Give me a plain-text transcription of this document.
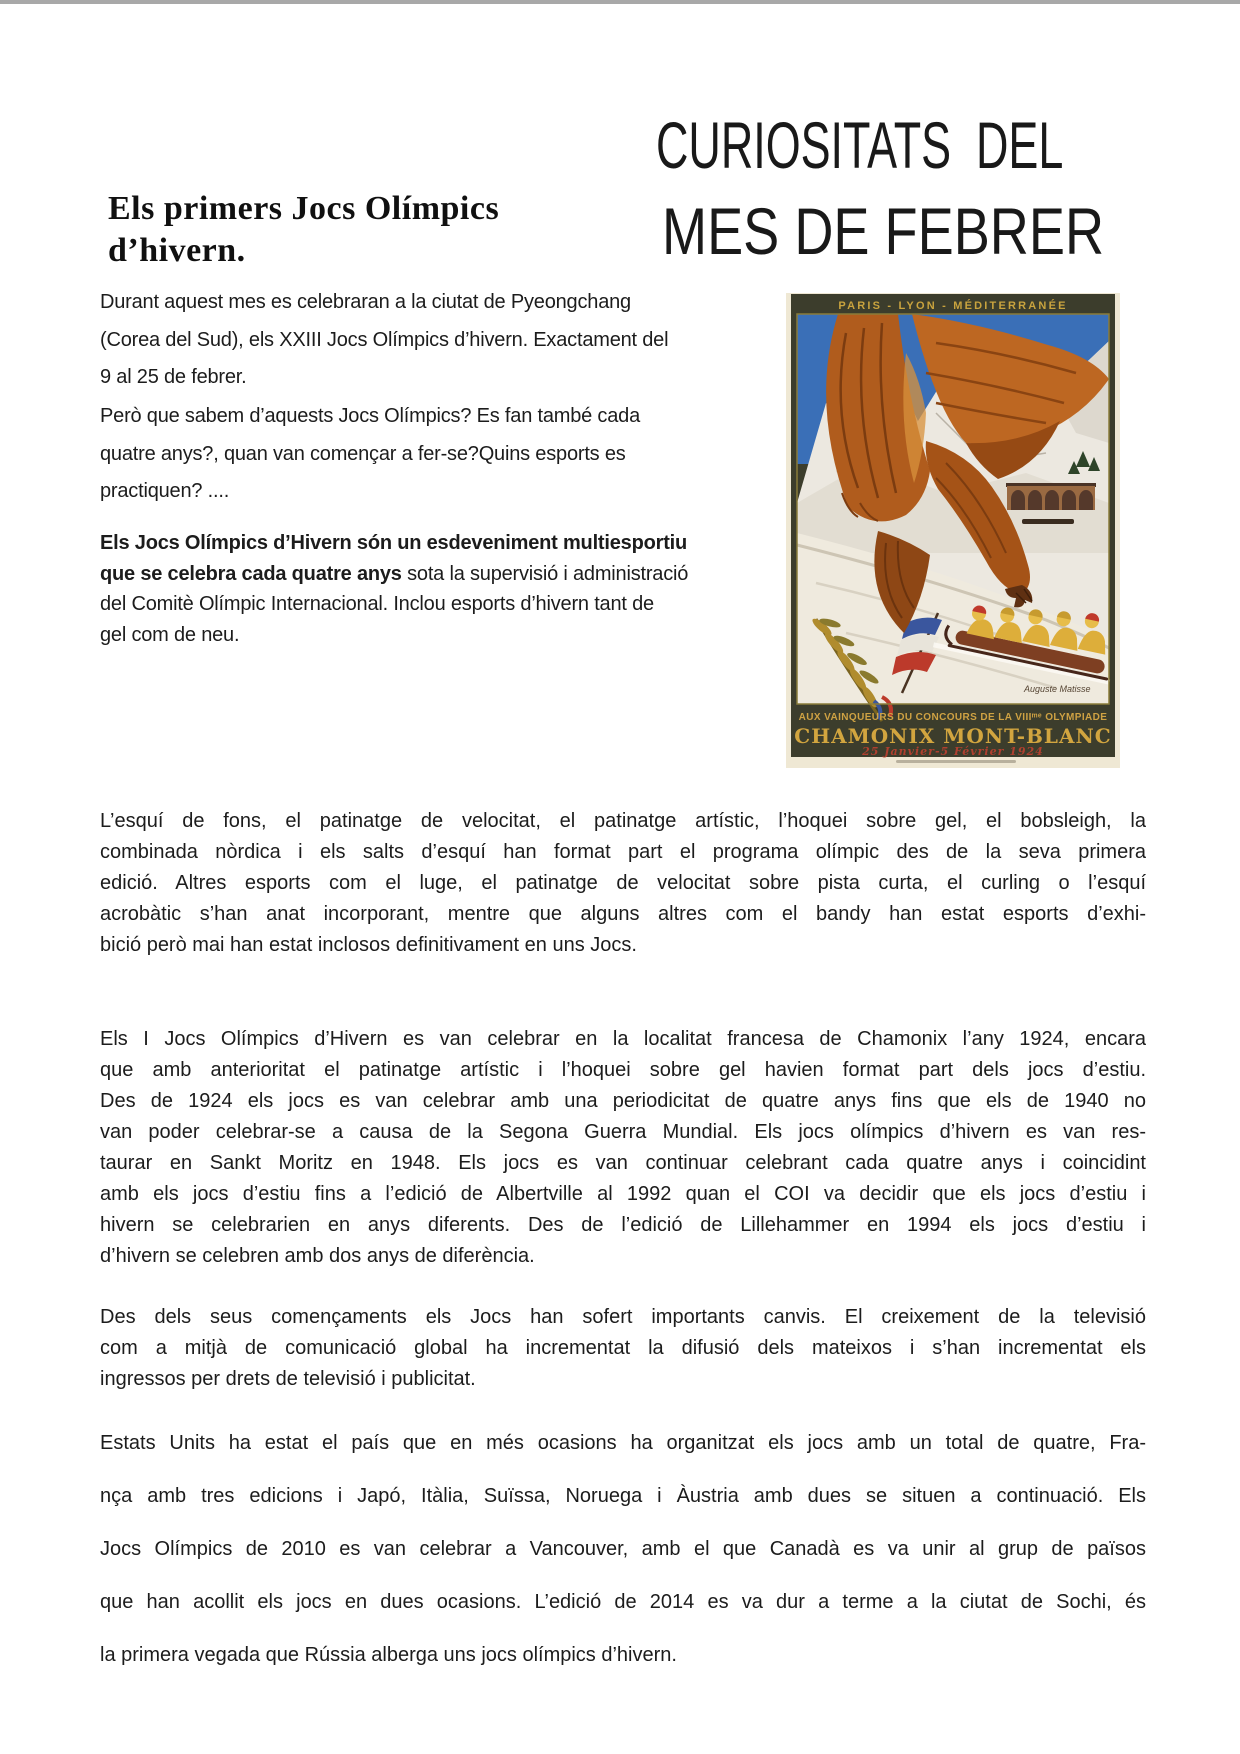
CURIOSITATS  DEL
MES DE FEBRER
Els primers Jocs Olímpics
d’hivern.
Durant aquest mes es celebraran a la ciutat de Pyeongchang
(Corea del Sud), els XXIII Jocs Olímpics d’hivern. Exactament del
9 al 25 de febrer.
Però que sabem d’aquests Jocs Olímpics? Es fan també cada
quatre anys?, quan van començar a fer-se?Quins esports es
practiquen? ....
Els Jocs Olímpics d’Hivern són un esdeveniment multiesportiu
que se celebra cada quatre anys sota la supervisió i administració
del Comitè Olímpic Internacional. Inclou esports d’hivern tant de
gel com de neu.
L’esquí de fons, el patinatge de velocitat, el patinatge artístic, l’hoquei sobre gel, el bobsleigh, la
combinada nòrdica i els salts d’esquí han format part el programa olímpic des de la seva primera
edició. Altres esports com el luge, el patinatge de velocitat sobre pista curta, el curling o l’esquí
acrobàtic s’han anat incorporant, mentre que alguns altres com el bandy han estat esports d’exhi-
bició però mai han estat inclosos definitivament en uns Jocs.
Els I Jocs Olímpics d’Hivern es van celebrar en la localitat francesa de Chamonix l’any 1924, encara
que amb anterioritat el patinatge artístic i l’hoquei sobre gel havien format part dels jocs d’estiu.
Des de 1924 els jocs es van celebrar amb una periodicitat de quatre anys fins que els de 1940 no
van poder celebrar-se a causa de la Segona Guerra Mundial. Els jocs olímpics d’hivern es van res-
taurar en Sankt Moritz en 1948. Els jocs es van continuar celebrant cada quatre anys i coincidint
amb els jocs d’estiu fins a l’edició de Albertville al 1992 quan el COI va decidir que els jocs d’estiu i
hivern se celebrarien en anys diferents. Des de l’edició de Lillehammer en 1994 els jocs d’estiu i
d’hivern se celebren amb dos anys de diferència.
Des dels seus començaments els Jocs han sofert importants canvis. El creixement de la televisió
com a mitjà de comunicació global ha incrementat la difusió dels mateixos i s’han incrementat els
ingressos per drets de televisió i publicitat.
Estats Units ha estat el país que en més ocasions ha organitzat els jocs amb un total de quatre, Fra-
nça amb tres edicions i Japó, Itàlia, Suïssa, Noruega i Àustria amb dues se situen a continuació. Els
Jocs Olímpics de 2010 es van celebrar a Vancouver, amb el que Canadà es va unir al grup de països
que han acollit els jocs en dues ocasions. L’edició de 2014 es va dur a terme a la ciutat de Sochi, és
la primera vegada que Rússia alberga uns jocs olímpics d’hivern.
PARIS - LYON - MÉDITERRANÉE
Auguste Matisse
AUX VAINQUEURS DU CONCOURS DE LA VIIIᵐᵉ OLYMPIADE
CHAMONIX MONT-BLANC
25 Janvier-5 Février 1924
